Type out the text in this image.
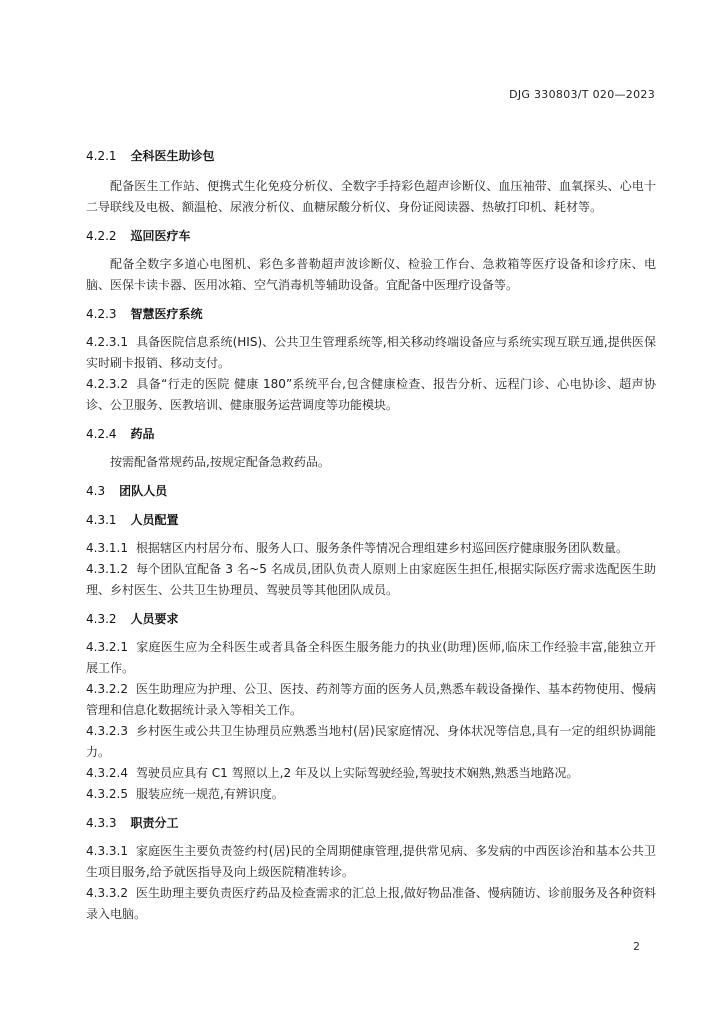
DJG 330803/T 020—2023
4.2.1 全科医生助诊包

配备医生工作站、便携式生化免疫分析仪、全数字手持彩色超声诊断仪、血压袖带、血氧探头、心电十二导联线及电极、额温枪、尿液分析仪、血糖尿酸分析仪、身份证阅读器、热敏打印机、耗材等。

4.2.2 巡回医疗车

配备全数字多道心电图机、彩色多普勒超声波诊断仪、检验工作台、急救箱等医疗设备和诊疗床、电脑、医保卡读卡器、医用冰箱、空气消毒机等辅助设备。宜配备中医理疗设备等。

4.2.3 智慧医疗系统

4.2.3.1 具备医院信息系统(HIS)、公共卫生管理系统等,相关移动终端设备应与系统实现互联互通,提供医保实时刷卡报销、移动支付。

4.2.3.2 具备“行走的医院 健康 180”系统平台,包含健康检查、报告分析、远程门诊、心电协诊、超声协诊、公卫服务、医教培训、健康服务运营调度等功能模块。

4.2.4 药品

按需配备常规药品,按规定配备急救药品。

4.3 团队人员
4.3.1 人员配置

4.3.1.1 根据辖区内村居分布、服务人口、服务条件等情况合理组建乡村巡回医疗健康服务团队数量。

4.3.1.2 每个团队宜配备 3 名~5 名成员,团队负责人原则上由家庭医生担任,根据实际医疗需求选配医生助理、乡村医生、公共卫生协理员、驾驶员等其他团队成员。

4.3.2 人员要求

4.3.2.1 家庭医生应为全科医生或者具备全科医生服务能力的执业(助理)医师,临床工作经验丰富,能独立开展工作。

4.3.2.2 医生助理应为护理、公卫、医技、药剂等方面的医务人员,熟悉车载设备操作、基本药物使用、慢病管理和信息化数据统计录入等相关工作。

4.3.2.3 乡村医生或公共卫生协理员应熟悉当地村(居)民家庭情况、身体状况等信息,具有一定的组织协调能力。

4.3.2.4 驾驶员应具有 C1 驾照以上,2 年及以上实际驾驶经验,驾驶技术娴熟,熟悉当地路况。

4.3.2.5 服装应统一规范,有辨识度。

4.3.3 职责分工

4.3.3.1 家庭医生主要负责签约村(居)民的全周期健康管理,提供常见病、多发病的中西医诊治和基本公共卫生项目服务,给予就医指导及向上级医院精准转诊。

4.3.3.2 医生助理主要负责医疗药品及检查需求的汇总上报,做好物品准备、慢病随访、诊前服务及各种资料录入电脑。

2
